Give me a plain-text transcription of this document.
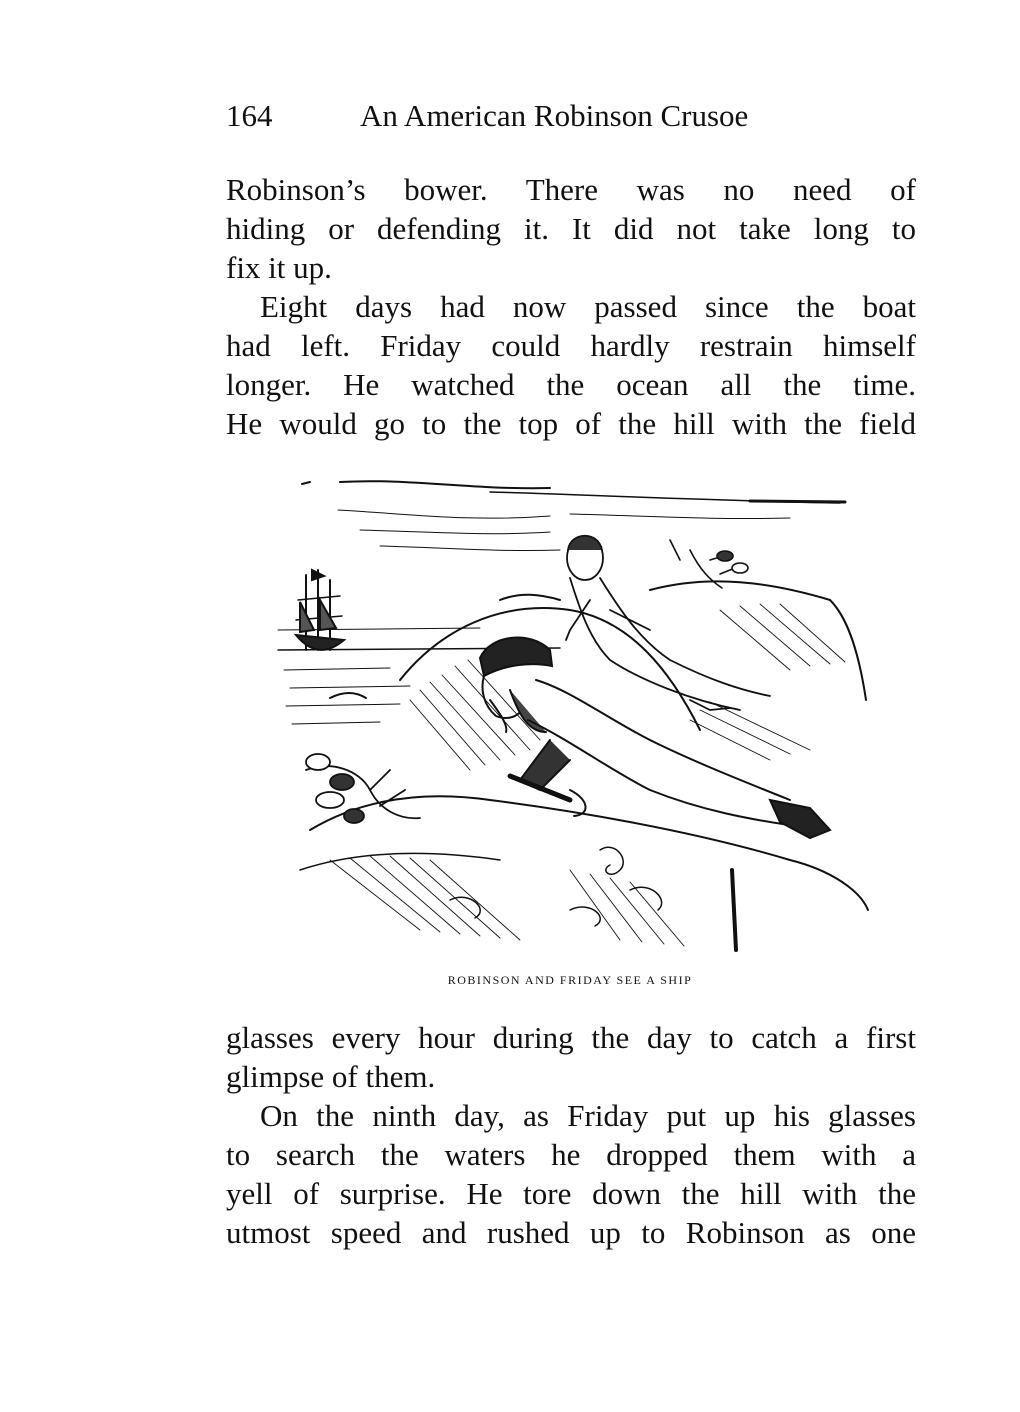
164	An American Robinson Crusoe
Robinson’s bower. There was no need of
hiding or defending it. It did not take long to
fix it up.
Eight days had now passed since the boat
had left. Friday could hardly restrain himself
longer. He watched the ocean all the time.
He would go to the top of the hill with the field
ROBINSON AND FRIDAY SEE A SHIP
glasses every hour during the day to catch a first
glimpse of them.
On the ninth day, as Friday put up his glasses
to search the waters he dropped them with a
yell of surprise. He tore down the hill with the
utmost speed and rushed up to Robinson as one
